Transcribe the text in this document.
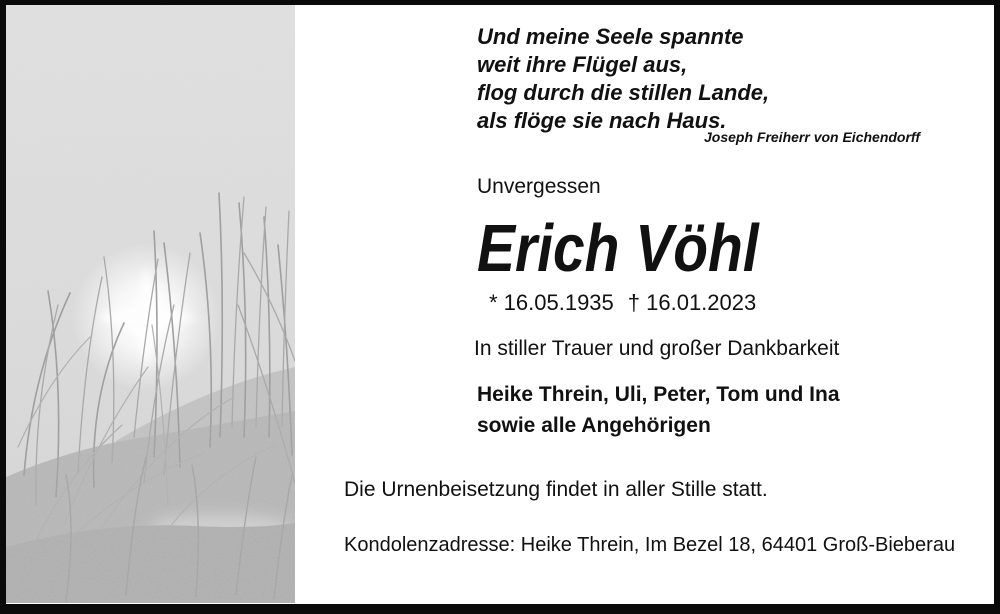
Und meine Seele spannte
weit ihre Flügel aus,
flog durch die stillen Lande,
als flöge sie nach Haus.
Joseph Freiherr von Eichendorff
Unvergessen
Erich Vöhl
* 16.05.1935 † 16.01.2023
In stiller Trauer und großer Dankbarkeit
Heike Threin, Uli, Peter, Tom und Ina
sowie alle Angehörigen
Die Urnenbeisetzung findet in aller Stille statt.
Kondolenzadresse: Heike Threin, Im Bezel 18, 64401 Groß-Bieberau
